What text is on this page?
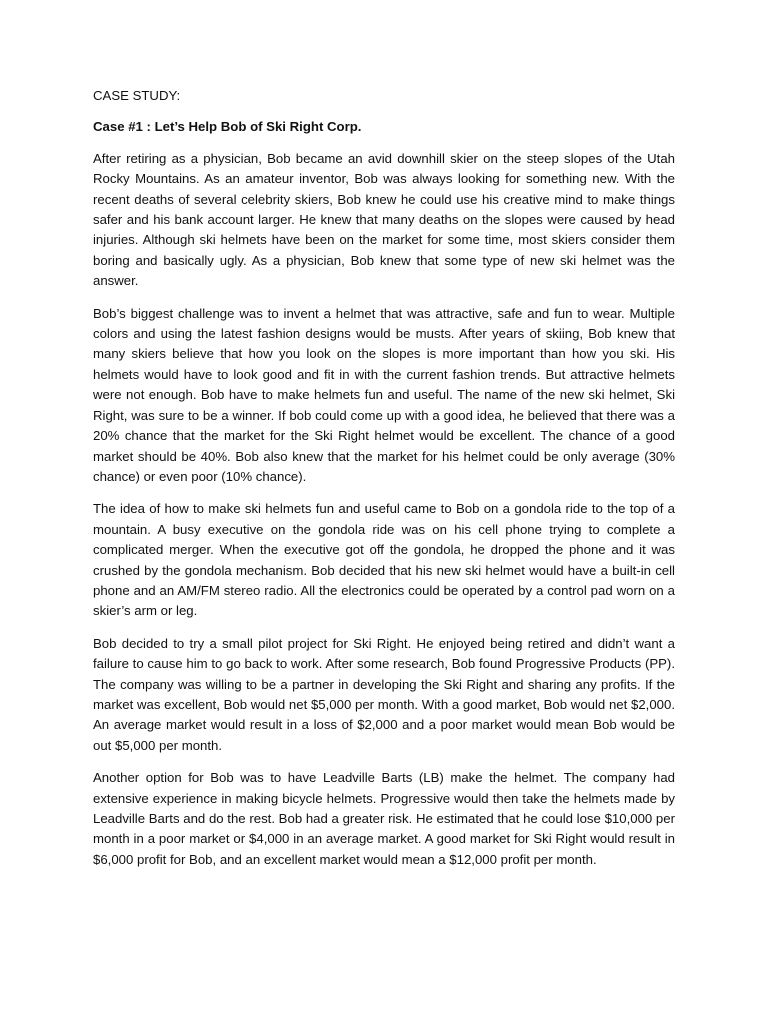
CASE STUDY:

Case #1 : Let’s Help Bob of Ski Right Corp.

After retiring as a physician, Bob became an avid downhill skier on the steep slopes of the Utah Rocky Mountains. As an amateur inventor, Bob was always looking for something new. With the recent deaths of several celebrity skiers, Bob knew he could use his creative mind to make things safer and his bank account larger. He knew that many deaths on the slopes were caused by head injuries. Although ski helmets have been on the market for some time, most skiers consider them boring and basically ugly. As a physician, Bob knew that some type of new ski helmet was the answer.

Bob’s biggest challenge was to invent a helmet that was attractive, safe and fun to wear. Multiple colors and using the latest fashion designs would be musts. After years of skiing, Bob knew that many skiers believe that how you look on the slopes is more important than how you ski. His helmets would have to look good and fit in with the current fashion trends. But attractive helmets were not enough. Bob have to make helmets fun and useful. The name of the new ski helmet, Ski Right, was sure to be a winner. If bob could come up with a good idea, he believed that there was a 20% chance that the market for the Ski Right helmet would be excellent. The chance of a good market should be 40%. Bob also knew that the market for his helmet could be only average (30% chance) or even poor (10% chance).

The idea of how to make ski helmets fun and useful came to Bob on a gondola ride to the top of a mountain. A busy executive on the gondola ride was on his cell phone trying to complete a complicated merger. When the executive got off the gondola, he dropped the phone and it was crushed by the gondola mechanism. Bob decided that his new ski helmet would have a built-in cell phone and an AM/FM stereo radio. All the electronics could be operated by a control pad worn on a skier’s arm or leg.

Bob decided to try a small pilot project for Ski Right. He enjoyed being retired and didn’t want a failure to cause him to go back to work. After some research, Bob found Progressive Products (PP). The company was willing to be a partner in developing the Ski Right and sharing any profits. If the market was excellent, Bob would net $5,000 per month. With a good market, Bob would net $2,000. An average market would result in a loss of $2,000 and a poor market would mean Bob would be out $5,000 per month.

Another option for Bob was to have Leadville Barts (LB) make the helmet. The company had extensive experience in making bicycle helmets. Progressive would then take the helmets made by Leadville Barts and do the rest. Bob had a greater risk. He estimated that he could lose $10,000 per month in a poor market or $4,000 in an average market. A good market for Ski Right would result in $6,000 profit for Bob, and an excellent market would mean a $12,000 profit per month.
